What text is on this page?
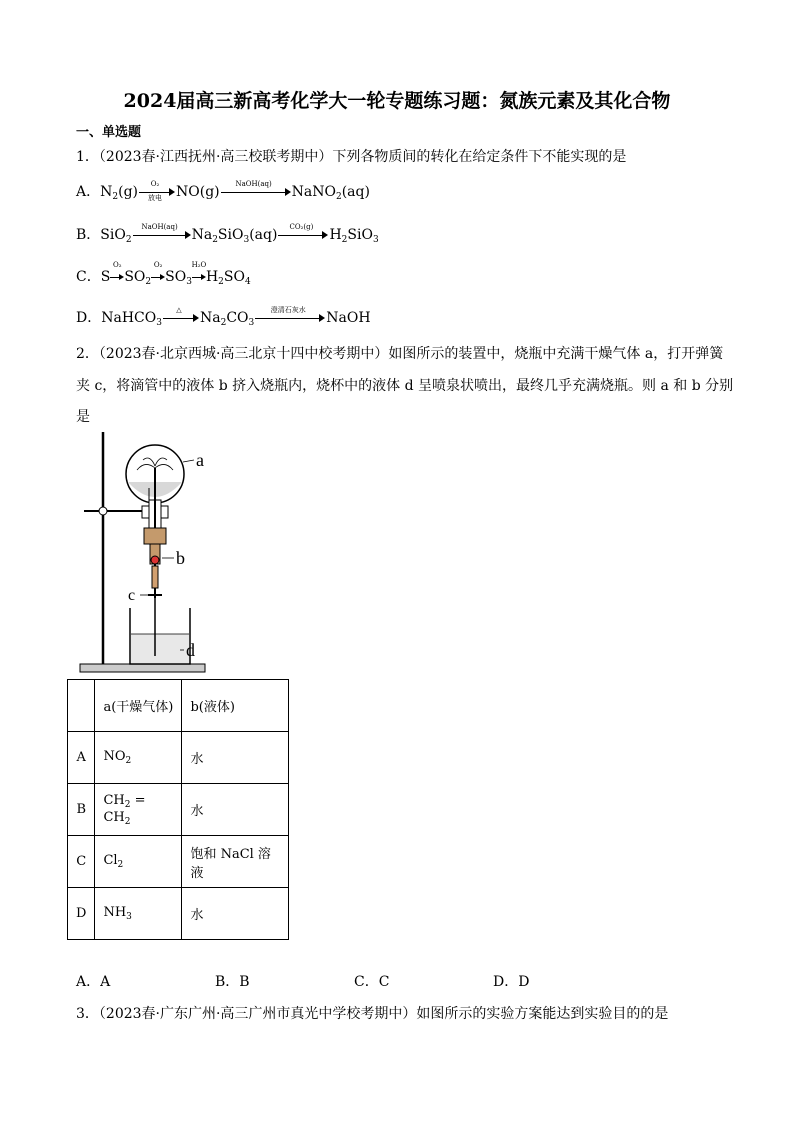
2024届高三新高考化学大一轮专题练习题：氮族元素及其化合物
一、单选题
1．（2023春·江西抚州·高三校联考期中）下列各物质间的转化在给定条件下不能实现的是
A．$N_2(g)$	O₂
放电	NO(g)	NaOH(aq)	NaNO$_2$(aq)
B．SiO$_2$
NaOH(aq) $Na_2SiO_3(aq)$	CO₂(g)	$H_2SiO_3$
C．S
O₂
$SO_2$
O₂
$SO_3$
H₂O
$H_2SO_4$
D．NaHCO$_3$
△	$Na_2CO_3$
澄清石灰水	NaOH
2．（2023春·北京西城·高三北京十四中校考期中）如图所示的装置中，烧瓶中充满干燥气体 a，打开弹簧
夹 c，将滴管中的液体 b 挤入烧瓶内，烧杯中的液体 d 呈喷泉状喷出，最终几乎充满烧瓶。则 a 和 b 分别
是
a
b
c
d
	a(干燥气体)	b(液体)
A	$NO_2$	水
B	$CH_2 = CH_2$	水
C	$Cl_2$	饱和 NaCl 溶液
D	$NH_3$	水
A．A	B．B	C．C	D．D
3．（2023春·广东广州·高三广州市真光中学校考期中）如图所示的实验方案能达到实验目的的是
